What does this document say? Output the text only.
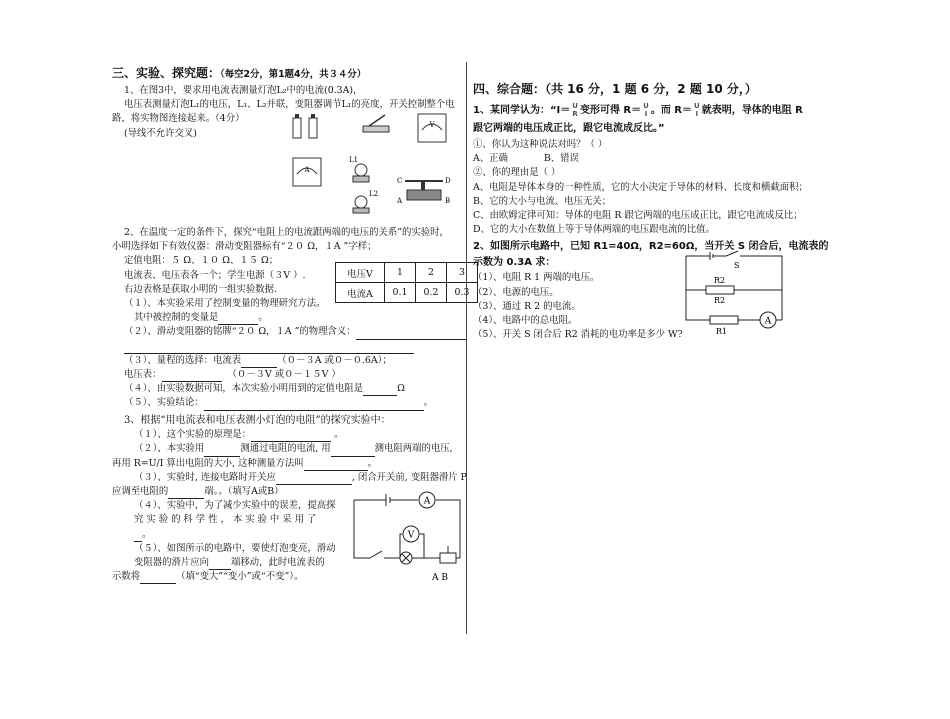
三、实验、探究题：（每空2分，第1题4分，共３４分）
1、在图3中，要求用电流表测量灯泡L₂中的电流(0.3A)，
电压表测量灯泡L₁的电压，L₁、L₂并联，变阻器调节L₁的亮度，开关控制整个电
路，将实物图连接起来。（4分）
(导线不允许交叉)
V
A
L1
C	D
A	B
L2
2、在温度一定的条件下，探究“电阻上的电流跟两端的电压的关系”的实验时，
小明选择如下有效仪器：滑动变阻器标有“２０ Ω，１A ”字样；
定值电阻：５ Ω、１０ Ω、１５ Ω；
电流表、电压表各一个；学生电源（３V ）.
右边表格是获取小明的一组实验数据.
（１）、本实验采用了控制变量的物理研究方法。
其中被控制的变量是	。
（２）、滑动变阻器的铭牌“２０ Ω，１A ”的物理含义：
（３）、量程的选择：电流表	（０－３A 或０－０.6A）；
电压表：	（０－３V 或０－１５V ）
（４）、由实验数据可知，本次实验小明用到的定值电阻是	Ω
（５）、实验结论：	。
电压V	1	2	3
电流A	0.1	0.2	0.3
3、根据“用电流表和电压表测小灯泡的电阻”的探究实验中：
（１）、这个实验的原理是：	。
（２）、本实验用	测通过电阻的电流, 用	测电阻两端的电压,
再用 R=U/I 算出电阻的大小, 这种测量方法叫	。
（３）、实验时, 连接电路时开关应	, 闭合开关前, 变阻器滑片 P
应调至电阻的	端。。（填写A或B）
（４）、实验中，为了减少实验中的误差，提高探
究 实 验 的 科 学 性 ， 本 实 验 中 采 用 了
。
（５）、如图所示的电路中，要使灯泡变亮，滑动
变阻器的滑片应向 端移动，此时电流表的
示数将	（填“变大”“变小”或“不变”）。
A
V
A B
四、综合题：（共 16 分，1 题 6 分，2 题 10 分，）
1、某同学认为：“I＝ U
R 变形可得 R＝ U
I 。而 R＝ U
I 就表明，导体的电阻 R
跟它两端的电压成正比，跟它电流成反比。”
①、你认为这种说法对吗？（ ）
A、正确	B、错误
②、你的理由是（ ）
A、电阻是导体本身的一种性质，它的大小决定于导体的材料、长度和横截面积；
B、它的大小与电流、电压无关；
C、由欧姆定律可知：导体的电阻 R 跟它两端的电压成正比，跟它电流成反比；
D、它的大小在数值上等于导体两端的电压跟电流的比值。
2、如图所示电路中，已知 R1=40Ω，R2=60Ω，当开关 S 闭合后，电流表的
示数为 0.3A 求：
（1）、电阻 R 1 两端的电压。
（2）、电源的电压。
（3）、通过 R 2 的电流。
（4）、电路中的总电阻。
（5）、开关 S 闭合后 R2 消耗的电功率是多少 W?
A
S
R2
R2
R1
